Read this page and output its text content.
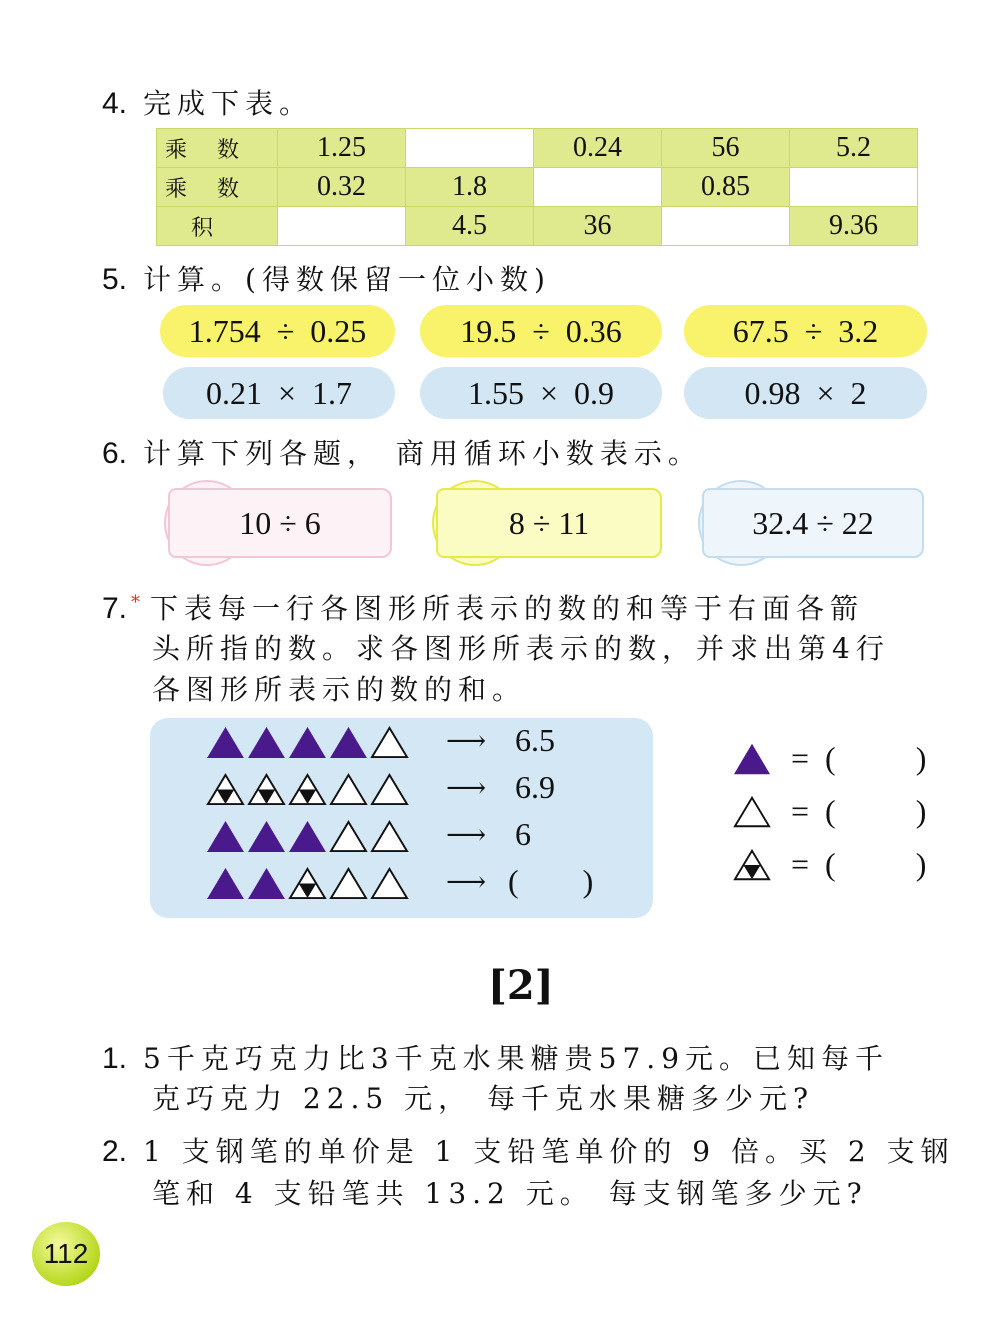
4. 完成下表。
乘数	1.25		0.24	56	5.2
乘数	0.32	1.8		0.85	
积		4.5	36		9.36
5. 计算。(得数保留一位小数)
1.754 ÷ 0.25	19.5 ÷ 0.36	67.5 ÷ 3.2
0.21 × 1.7	1.55 × 0.9	0.98 × 2
6. 计算下列各题， 商用循环小数表示。
10 ÷ 6	8 ÷ 11	32.4 ÷ 22
7. * 下表每一行各图形所表示的数的和等于右面各箭
头所指的数。求各图形所表示的数，并求出第4行
各图形所表示的数的和。
⟶ 6.5
⟶ 6.9
⟶ 6
⟶ (        )
=  (          )
=  (          )
=  (          )
[2]
1. 5千克巧克力比3千克水果糖贵57.9元。已知每千
克巧克力 22.5 元， 每千克水果糖多少元?
2. 1 支钢笔的单价是 1 支铅笔单价的 9 倍。买 2 支钢
笔和 4 支铅笔共 13.2 元。 每支钢笔多少元?
112
